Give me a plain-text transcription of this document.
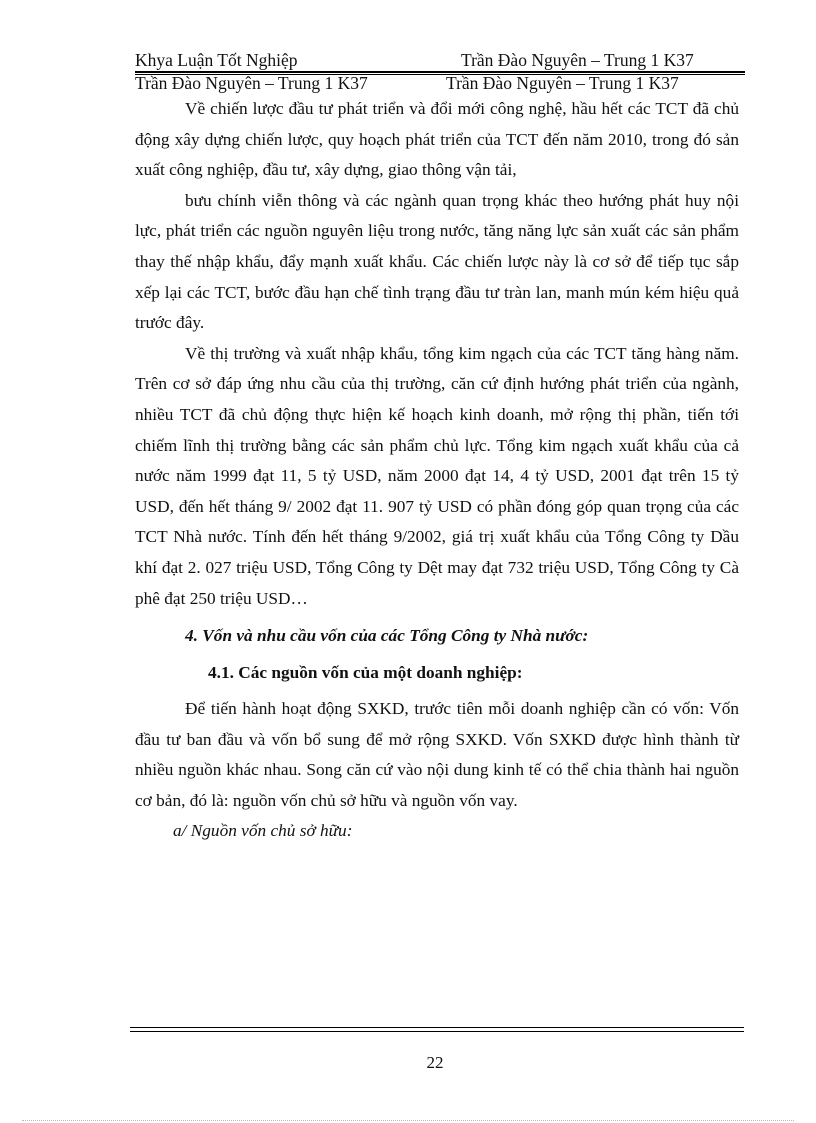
Khya Luận Tốt Nghiệp	Trần Đào Nguyên – Trung 1 K37
Trần Đào Nguyên – Trung 1 K37	Trần Đào Nguyên – Trung 1 K37

Về chiến lược đầu tư phát triển và đổi mới công nghệ, hầu hết các TCT đã chủ động xây dựng chiến lược, quy hoạch phát triển của TCT đến năm 2010, trong đó sản xuất công nghiệp, đầu tư, xây dựng, giao thông vận tải,

bưu chính viễn thông và các ngành quan trọng khác theo hướng phát huy nội lực, phát triển các nguồn nguyên liệu trong nước, tăng năng lực sản xuất các sản phẩm thay thế nhập khẩu, đẩy mạnh xuất khẩu. Các chiến lược này là cơ sở để tiếp tục sắp xếp lại các TCT, bước đầu hạn chế tình trạng đầu tư tràn lan, manh mún kém hiệu quả trước đây.

Về thị trường và xuất nhập khẩu, tổng kim ngạch của các TCT tăng hàng năm. Trên cơ sở đáp ứng nhu cầu của thị trường, căn cứ định hướng phát triển của ngành, nhiều TCT đã chủ động thực hiện kế hoạch kinh doanh, mở rộng thị phần, tiến tới chiếm lĩnh thị trường bằng các sản phẩm chủ lực. Tổng kim ngạch xuất khẩu của cả nước năm 1999 đạt 11, 5 tỷ USD, năm 2000 đạt 14, 4 tỷ USD, 2001 đạt trên 15 tỷ USD, đến hết tháng 9/ 2002 đạt 11. 907 tỷ USD có phần đóng góp quan trọng của các TCT Nhà nước. Tính đến hết tháng 9/2002, giá trị xuất khẩu của Tổng Công ty Dầu khí đạt 2. 027 triệu USD, Tổng Công ty Dệt may đạt 732 triệu USD, Tổng Công ty Cà phê đạt 250 triệu USD…

4. Vốn và nhu cầu vốn của các Tổng Công ty Nhà nước:

4.1. Các nguồn vốn của một doanh nghiệp:

Để tiến hành hoạt động SXKD, trước tiên mỗi doanh nghiệp cần có vốn: Vốn đầu tư ban đầu và vốn bổ sung để mở rộng SXKD. Vốn SXKD được hình thành từ nhiều nguồn khác nhau. Song căn cứ vào nội dung kinh tế có thể chia thành hai nguồn cơ bản, đó là: nguồn vốn chủ sở hữu và nguồn vốn vay.

a/ Nguồn vốn chủ sở hữu:

22
